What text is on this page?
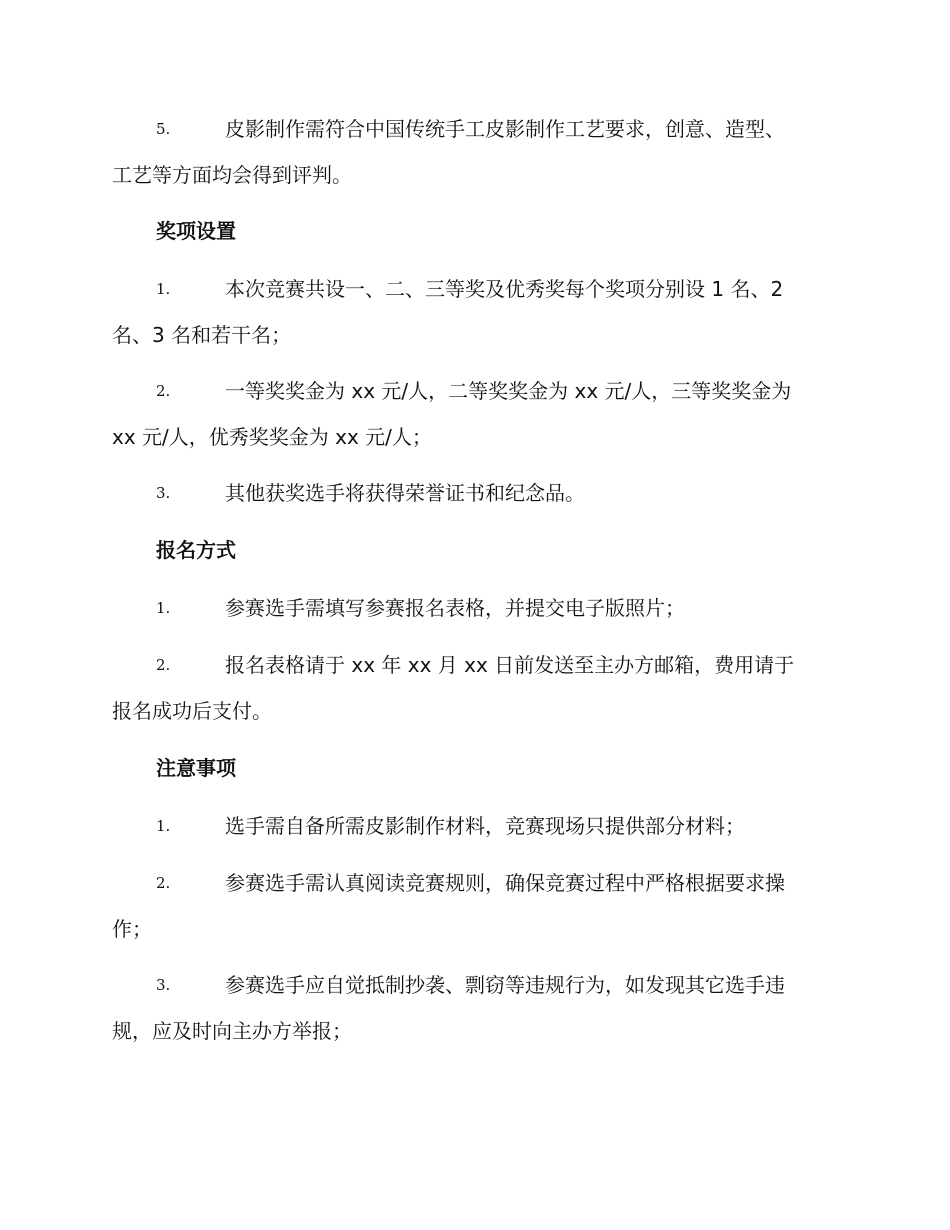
5.	皮影制作需符合中国传统手工皮影制作工艺要求，创意、造型、
工艺等方面均会得到评判。
奖项设置
1.	本次竞赛共设一、二、三等奖及优秀奖每个奖项分别设 1 名、2
名、3 名和若干名；
2.	一等奖奖金为 xx 元/人，二等奖奖金为 xx 元/人，三等奖奖金为
xx 元/人，优秀奖奖金为 xx 元/人；
3.	其他获奖选手将获得荣誉证书和纪念品。
报名方式
1.	参赛选手需填写参赛报名表格，并提交电子版照片；
2.	报名表格请于 xx 年 xx 月 xx 日前发送至主办方邮箱，费用请于
报名成功后支付。
注意事项
1.	选手需自备所需皮影制作材料，竞赛现场只提供部分材料；
2.	参赛选手需认真阅读竞赛规则，确保竞赛过程中严格根据要求操
作；
3.	参赛选手应自觉抵制抄袭、剽窃等违规行为，如发现其它选手违
规，应及时向主办方举报；
